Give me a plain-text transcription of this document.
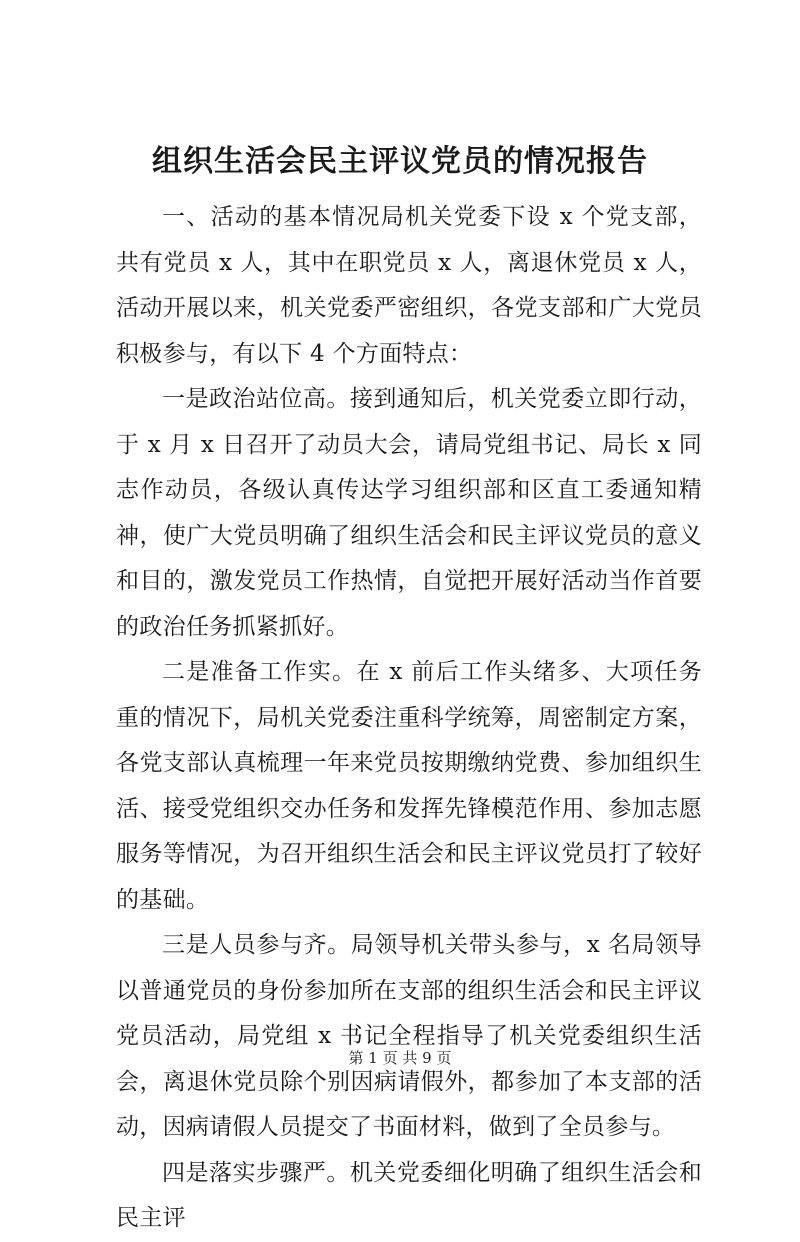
组织生活会民主评议党员的情况报告

一、活动的基本情况局机关党委下设 x 个党支部，共有党员 x 人，其中在职党员 x 人，离退休党员 x 人，活动开展以来，机关党委严密组织，各党支部和广大党员积极参与，有以下 4 个方面特点：

一是政治站位高。接到通知后，机关党委立即行动，于 x 月 x 日召开了动员大会，请局党组书记、局长 x 同志作动员，各级认真传达学习组织部和区直工委通知精神，使广大党员明确了组织生活会和民主评议党员的意义和目的，激发党员工作热情，自觉把开展好活动当作首要的政治任务抓紧抓好。

二是准备工作实。在 x 前后工作头绪多、大项任务重的情况下，局机关党委注重科学统筹，周密制定方案，各党支部认真梳理一年来党员按期缴纳党费、参加组织生活、接受党组织交办任务和发挥先锋模范作用、参加志愿服务等情况，为召开组织生活会和民主评议党员打了较好的基础。

三是人员参与齐。局领导机关带头参与，x 名局领导以普通党员的身份参加所在支部的组织生活会和民主评议党员活动，局党组 x 书记全程指导了机关党委组织生活会，离退休党员除个别因病请假外，都参加了本支部的活动，因病请假人员提交了书面材料，做到了全员参与。

四是落实步骤严。机关党委细化明确了组织生活会和民主评

第 1 页 共 9 页
